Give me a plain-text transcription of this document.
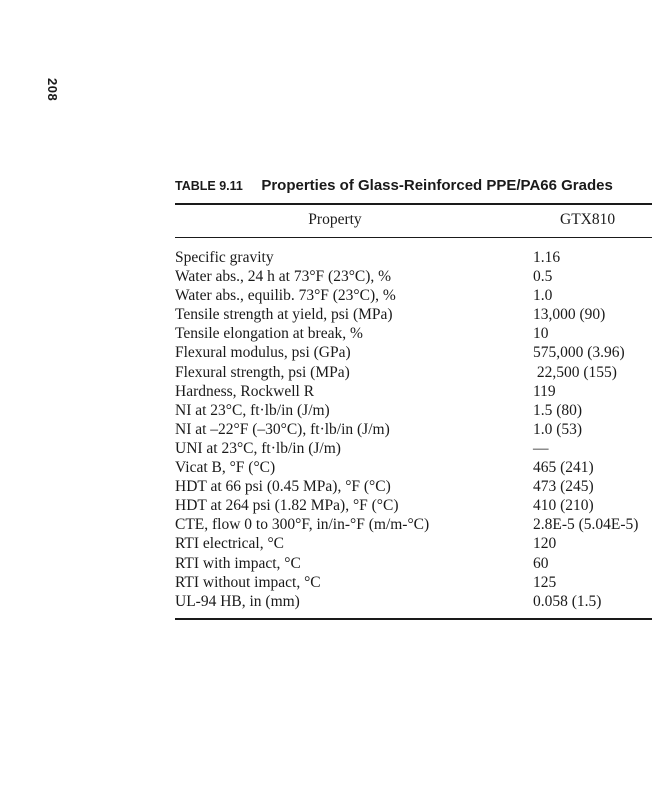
208
TABLE 9.11 Properties of Glass-Reinforced PPE/PA66 Grades
Property	GTX810
Specific gravity	1.16
Water abs., 24 h at 73°F (23°C), %	0.5
Water abs., equilib. 73°F (23°C), %	1.0
Tensile strength at yield, psi (MPa)	13,000 (90)
Tensile elongation at break, %	10
Flexural modulus, psi (GPa)	575,000 (3.96)
Flexural strength, psi (MPa)	22,500 (155)
Hardness, Rockwell R	119
NI at 23°C, ft·lb/in (J/m)	1.5 (80)
NI at –22°F (–30°C), ft·lb/in (J/m)	1.0 (53)
UNI at 23°C, ft·lb/in (J/m)	—
Vicat B, °F (°C)	465 (241)
HDT at 66 psi (0.45 MPa), °F (°C)	473 (245)
HDT at 264 psi (1.82 MPa), °F (°C)	410 (210)
CTE, flow 0 to 300°F, in/in-°F (m/m-°C)	2.8E-5 (5.04E-5)
RTI electrical, °C	120
RTI with impact, °C	60
RTI without impact, °C	125
UL-94 HB, in (mm)	0.058 (1.5)
